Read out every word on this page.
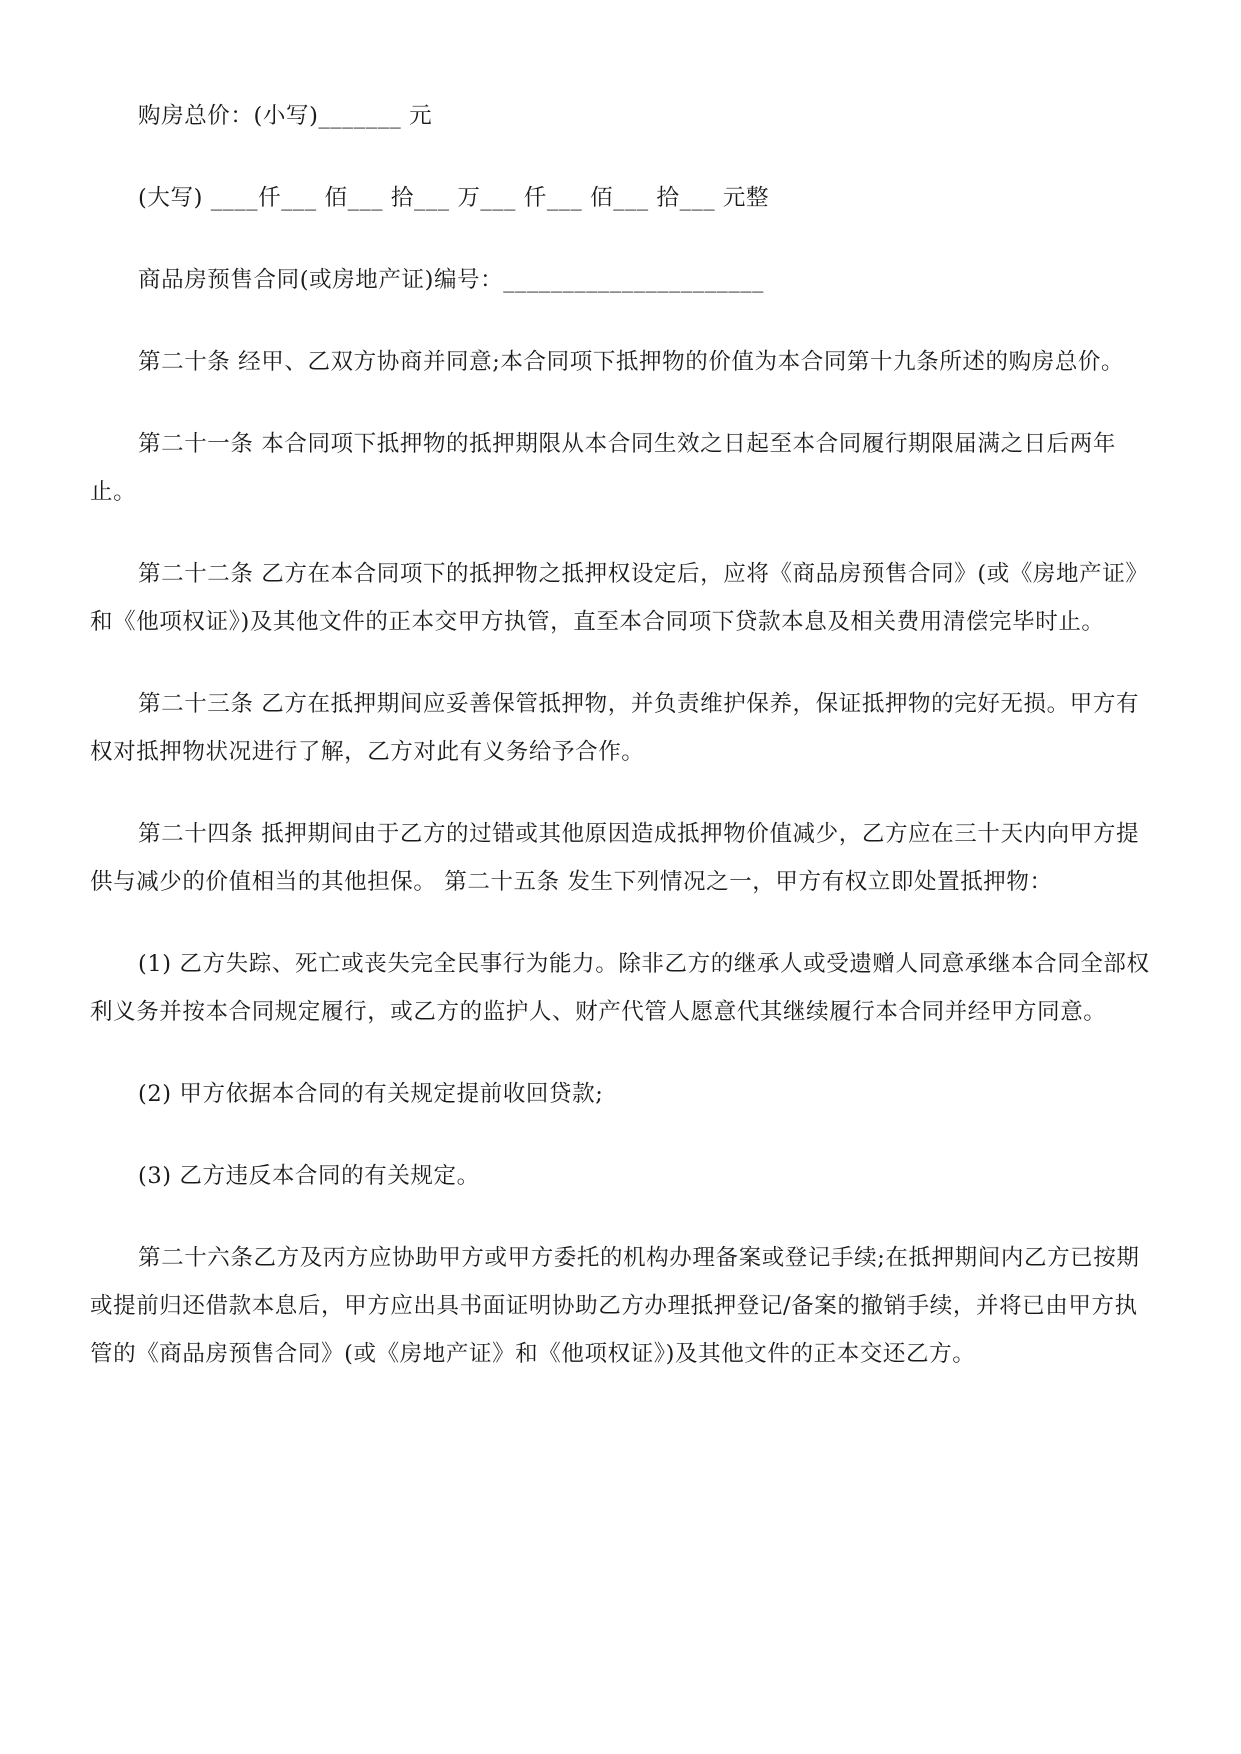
购房总价：(小写)_______ 元

(大写) ____仟___ 佰___ 拾___ 万___ 仟___ 佰___ 拾___ 元整

商品房预售合同(或房地产证)编号：______________________

第二十条 经甲、乙双方协商并同意;本合同项下抵押物的价值为本合同第十九条所述的购房总价。

第二十一条 本合同项下抵押物的抵押期限从本合同生效之日起至本合同履行期限届满之日后两年止。

第二十二条 乙方在本合同项下的抵押物之抵押权设定后，应将《商品房预售合同》(或《房地产证》和《他项权证》)及其他文件的正本交甲方执管，直至本合同项下贷款本息及相关费用清偿完毕时止。

第二十三条 乙方在抵押期间应妥善保管抵押物，并负责维护保养，保证抵押物的完好无损。甲方有权对抵押物状况进行了解，乙方对此有义务给予合作。

第二十四条 抵押期间由于乙方的过错或其他原因造成抵押物价值减少，乙方应在三十天内向甲方提供与减少的价值相当的其他担保。 第二十五条 发生下列情况之一，甲方有权立即处置抵押物：

(1) 乙方失踪、死亡或丧失完全民事行为能力。除非乙方的继承人或受遗赠人同意承继本合同全部权利义务并按本合同规定履行，或乙方的监护人、财产代管人愿意代其继续履行本合同并经甲方同意。

(2) 甲方依据本合同的有关规定提前收回贷款;

(3) 乙方违反本合同的有关规定。

第二十六条乙方及丙方应协助甲方或甲方委托的机构办理备案或登记手续;在抵押期间内乙方已按期或提前归还借款本息后，甲方应出具书面证明协助乙方办理抵押登记/备案的撤销手续，并将已由甲方执管的《商品房预售合同》(或《房地产证》和《他项权证》)及其他文件的正本交还乙方。
